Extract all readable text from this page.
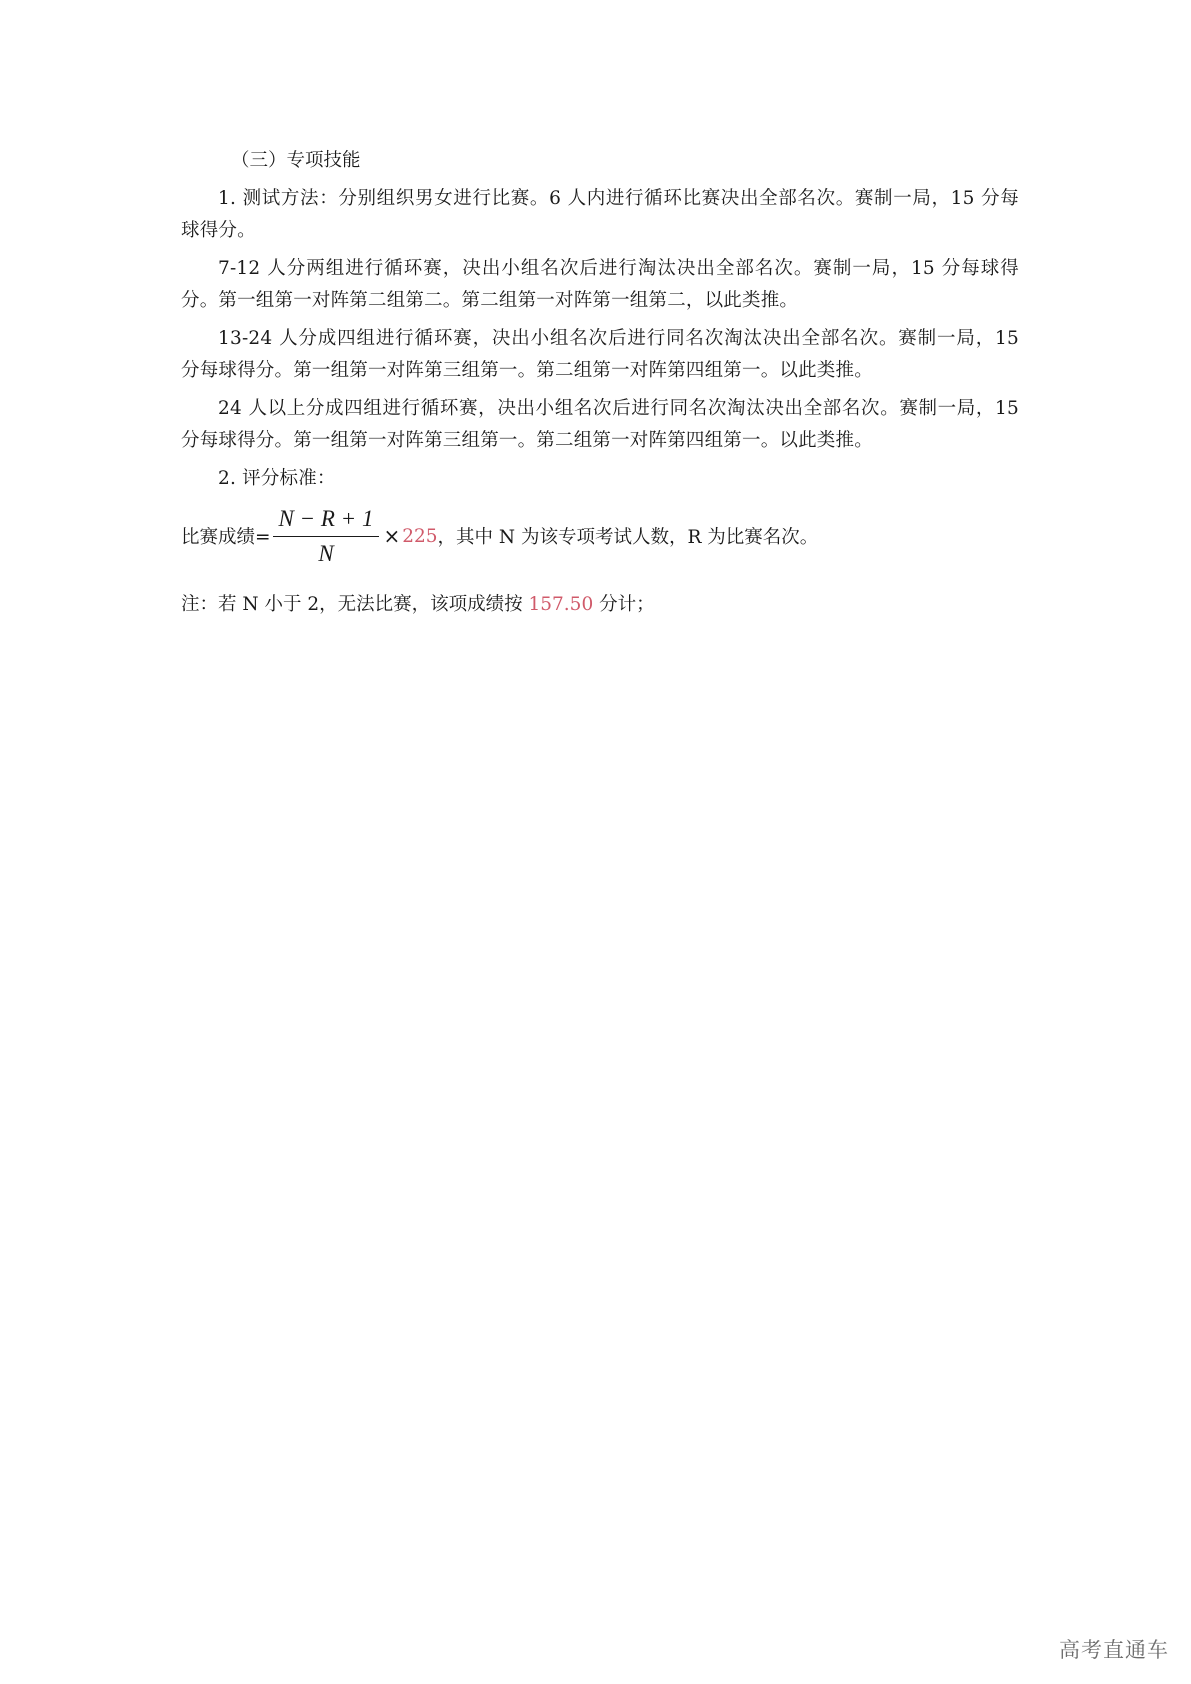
（三）专项技能

1. 测试方法：分别组织男女进行比赛。6 人内进行循环比赛决出全部名次。赛制一局，15 分每球得分。

7-12 人分两组进行循环赛，决出小组名次后进行淘汰决出全部名次。赛制一局，15 分每球得分。第一组第一对阵第二组第二。第二组第一对阵第一组第二，以此类推。

13-24 人分成四组进行循环赛，决出小组名次后进行同名次淘汰决出全部名次。赛制一局，15 分每球得分。第一组第一对阵第三组第一。第二组第一对阵第四组第一。以此类推。

24 人以上分成四组进行循环赛，决出小组名次后进行同名次淘汰决出全部名次。赛制一局，15 分每球得分。第一组第一对阵第三组第一。第二组第一对阵第四组第一。以此类推。

2. 评分标准：

比赛成绩= $\frac{N - R + 1}{N} \times 225$ ，其中 N 为该专项考试人数，R 为比赛名次。
注：若 N 小于 2，无法比赛，该项成绩按 157.50 分计；
高考直通车
